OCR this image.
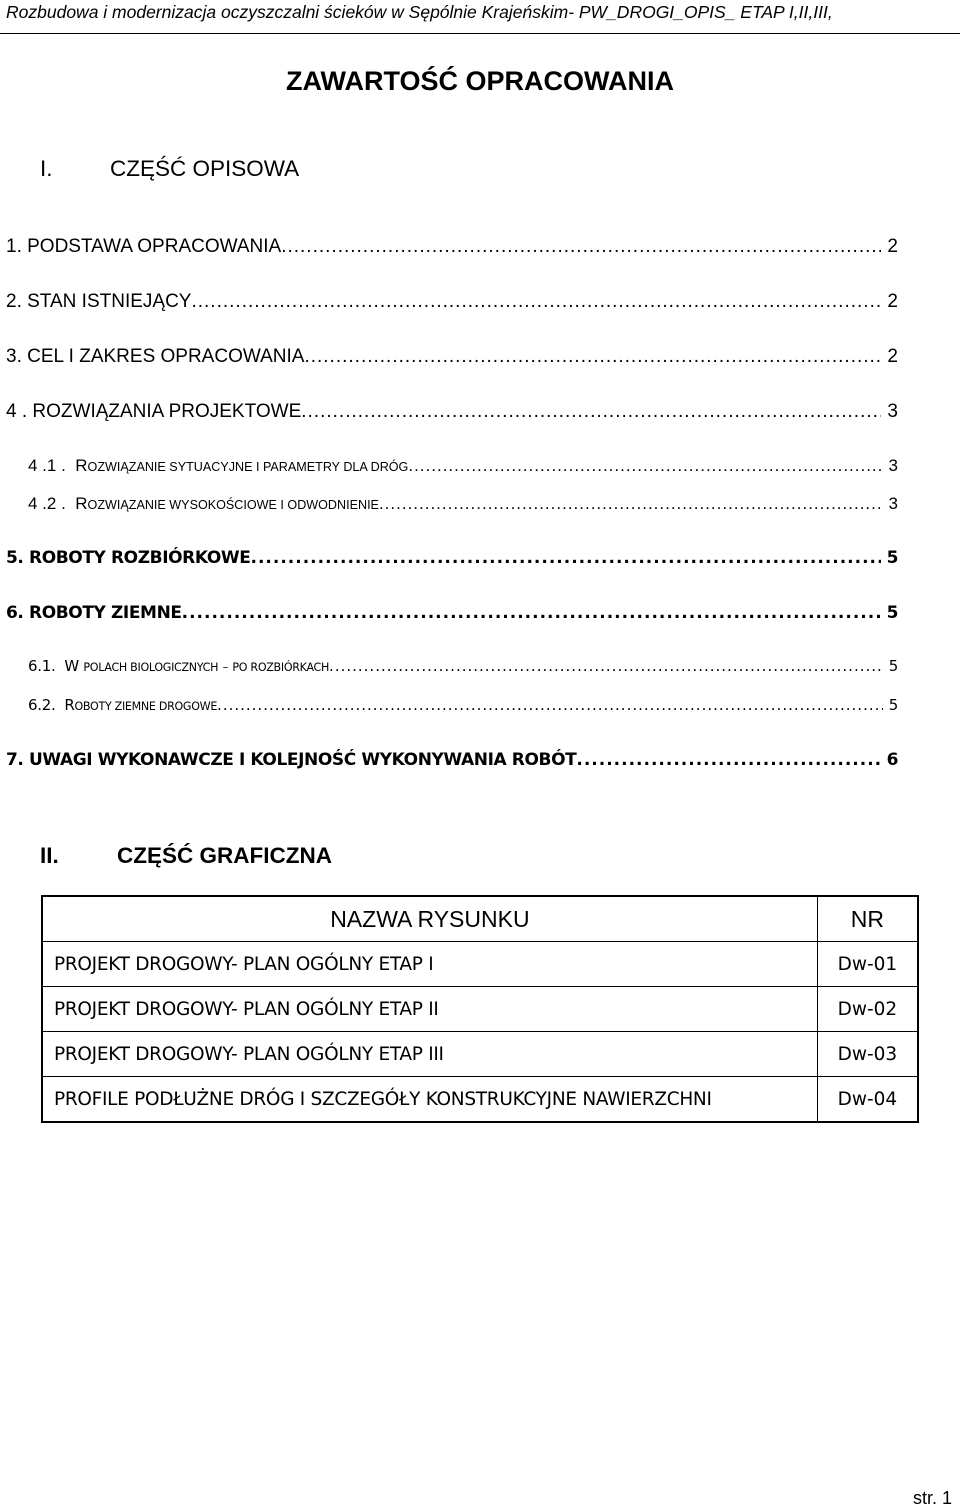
Rozbudowa i modernizacja oczyszczalni ścieków w Sępólnie Krajeńskim- PW_DROGI_OPIS_ ETAP I,II,III,
ZAWARTOŚĆ OPRACOWANIA
I.	CZĘŚĆ OPISOWA
1. PODSTAWA OPRACOWANIA .....	2
2. STAN ISTNIEJĄCY .....	2
3. CEL I ZAKRES OPRACOWANIA .....	2
4 . ROZWIĄZANIA PROJEKTOWE .....	3
4 .1 . ROZWIĄZANIE SYTUACYJNE I PARAMETRY DLA DRÓG .....	3
4 .2 . ROZWIĄZANIE WYSOKOŚCIOWE I ODWODNIENIE .....	3
5. ROBOTY ROZBIÓRKOWE .....	5
6. ROBOTY ZIEMNE .....	5
6.1. W POLACH BIOLOGICZNYCH – PO ROZBIÓRKACH .....	5
6.2. ROBOTY ZIEMNE DROGOWE .....	5
7. UWAGI WYKONAWCZE I KOLEJNOŚĆ WYKONYWANIA ROBÓT .....	6
II.	CZĘŚĆ GRAFICZNA
NAZWA RYSUNKU	NR
PROJEKT DROGOWY- PLAN OGÓLNY ETAP I	Dw-01
PROJEKT DROGOWY- PLAN OGÓLNY ETAP II	Dw-02
PROJEKT DROGOWY- PLAN OGÓLNY ETAP III	Dw-03
PROFILE PODŁUŻNE DRÓG I SZCZEGÓŁY KONSTRUKCYJNE NAWIERZCHNI	Dw-04
str. 1
